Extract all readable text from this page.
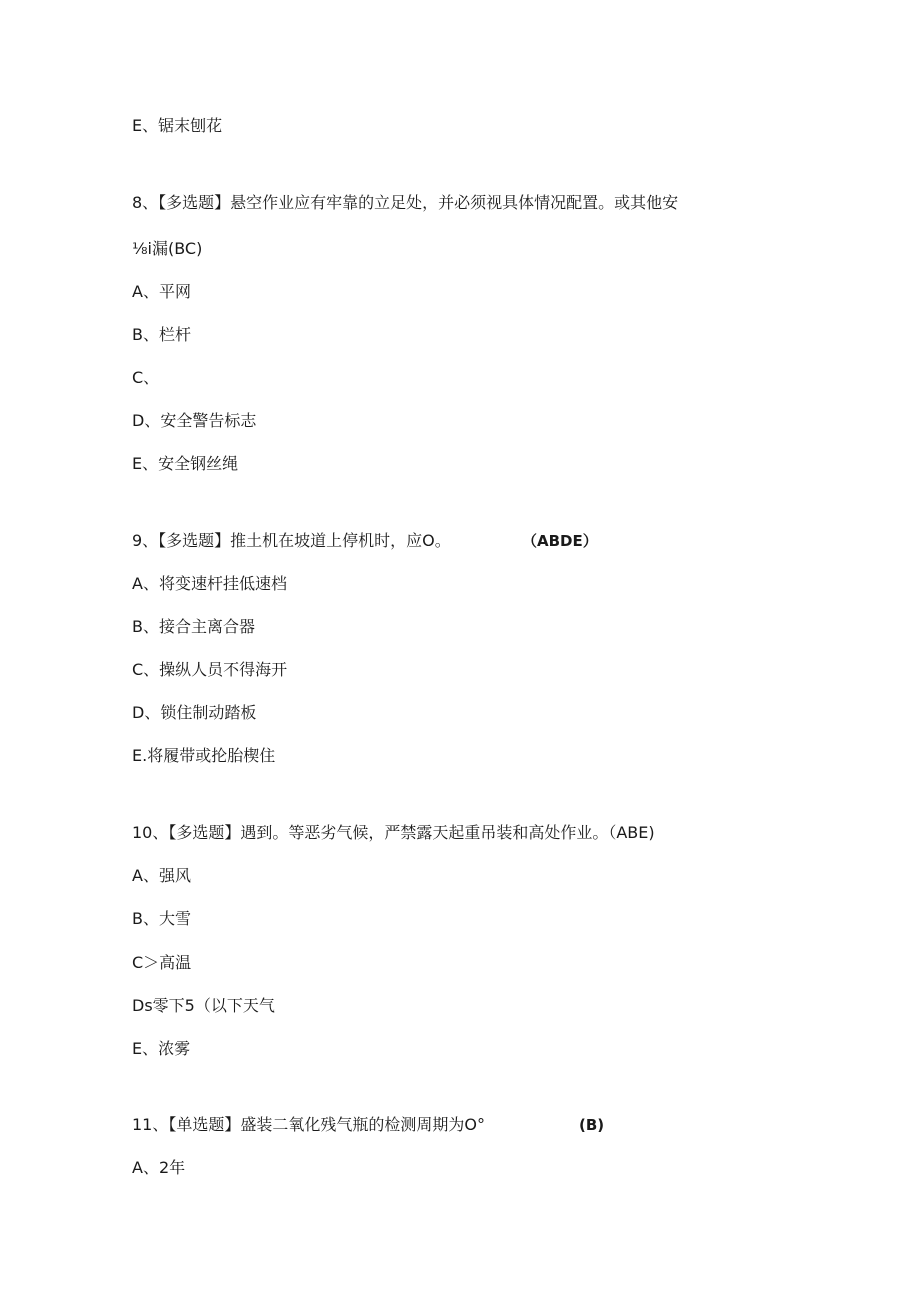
E、锯末刨花
8、【多选题】悬空作业应有牢靠的立足处，并必须视具体情况配置。或其他安
⅛i漏(BC)
A、平网
B、栏杆
C、
D、安全警告标志
E、安全钢丝绳
9、【多选题】推土机在坡道上停机时，应O。	（ABDE）
A、将变速杆挂低速档
B、接合主离合器
C、操纵人员不得海开
D、锁住制动踏板
E.将履带或抡胎楔住
10、【多选题】遇到。等恶劣气候，严禁露天起重吊装和高处作业。（ABE)
A、强风
B、大雪
C＞高温
Ds零下5（以下天气
E、浓雾
11、【单选题】盛装二氧化残气瓶的检测周期为O°	(B)
A、2年
